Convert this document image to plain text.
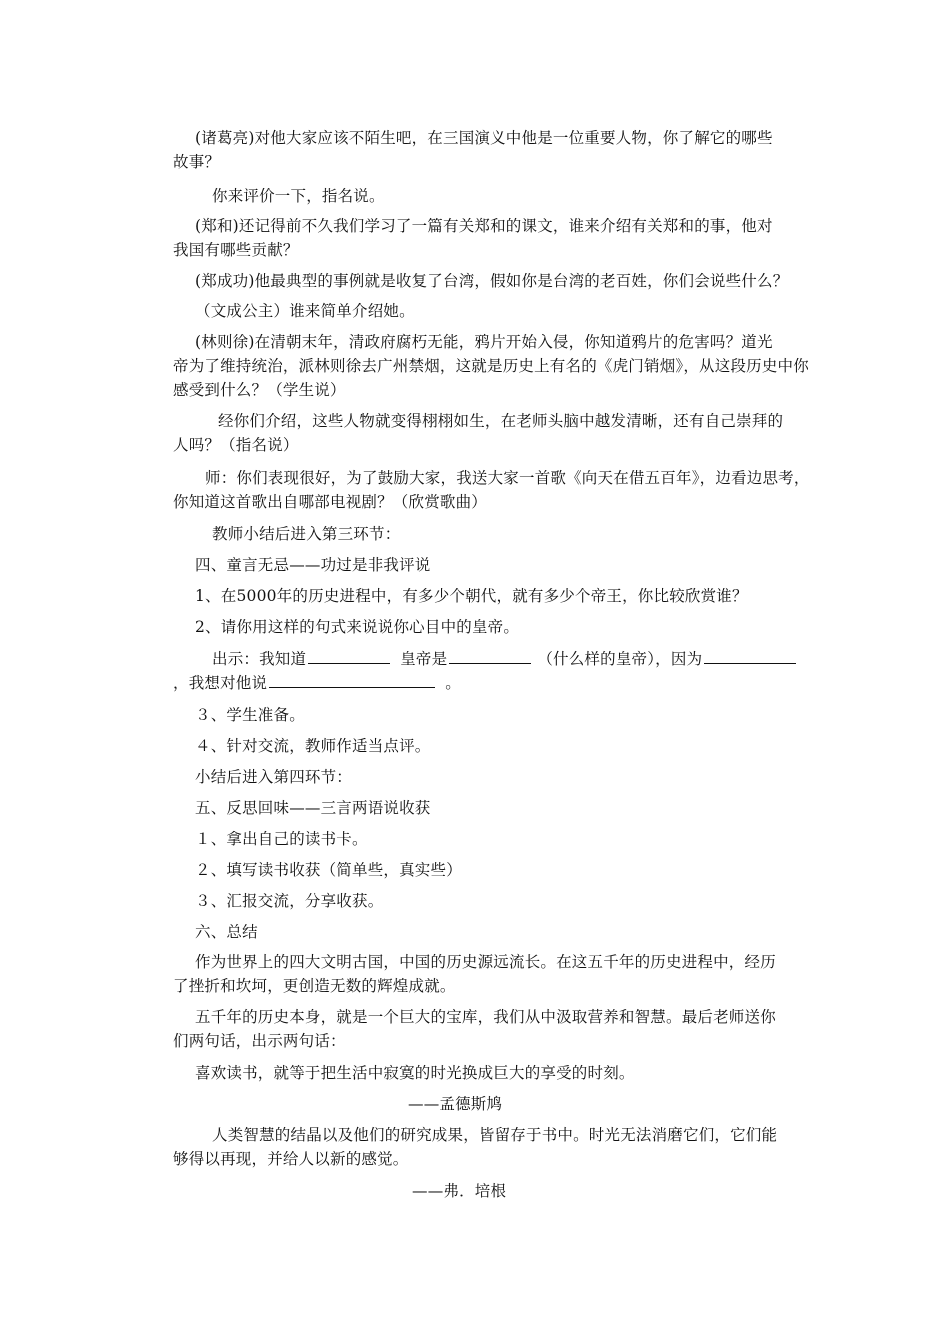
(诸葛亮)对他大家应该不陌生吧，在三国演义中他是一位重要人物，你了解它的哪些
故事？
你来评价一下，指名说。
(郑和)还记得前不久我们学习了一篇有关郑和的课文，谁来介绍有关郑和的事，他对
我国有哪些贡献？
(郑成功)他最典型的事例就是收复了台湾，假如你是台湾的老百姓，你们会说些什么？
（文成公主）谁来简单介绍她。
(林则徐)在清朝末年，清政府腐朽无能，鸦片开始入侵，你知道鸦片的危害吗？道光
帝为了维持统治，派林则徐去广州禁烟，这就是历史上有名的《虎门销烟》，从这段历史中你
感受到什么？（学生说）
经你们介绍，这些人物就变得栩栩如生，在老师头脑中越发清晰，还有自己崇拜的
人吗？（指名说）
师：你们表现很好，为了鼓励大家，我送大家一首歌《向天在借五百年》，边看边思考，
你知道这首歌出自哪部电视剧？（欣赏歌曲）
教师小结后进入第三环节：
四、童言无忌——功过是非我评说
1、在5000年的历史进程中，有多少个朝代，就有多少个帝王，你比较欣赏谁？
2、请你用这样的句式来说说你心目中的皇帝。
出示：我知道	皇帝是	（什么样的皇帝），因为
，我想对他说	。
３、学生准备。
４、针对交流，教师作适当点评。
小结后进入第四环节：
五、反思回味——三言两语说收获
１、拿出自己的读书卡。
２、填写读书收获（简单些，真实些）
３、汇报交流，分享收获。
六、总结
作为世界上的四大文明古国，中国的历史源远流长。在这五千年的历史进程中，经历
了挫折和坎坷，更创造无数的辉煌成就。
五千年的历史本身，就是一个巨大的宝库，我们从中汲取营养和智慧。最后老师送你
们两句话，出示两句话：
喜欢读书，就等于把生活中寂寞的时光换成巨大的享受的时刻。
——孟德斯鸠
人类智慧的结晶以及他们的研究成果，皆留存于书中。时光无法消磨它们，它们能
够得以再现，并给人以新的感觉。
——弗．培根
